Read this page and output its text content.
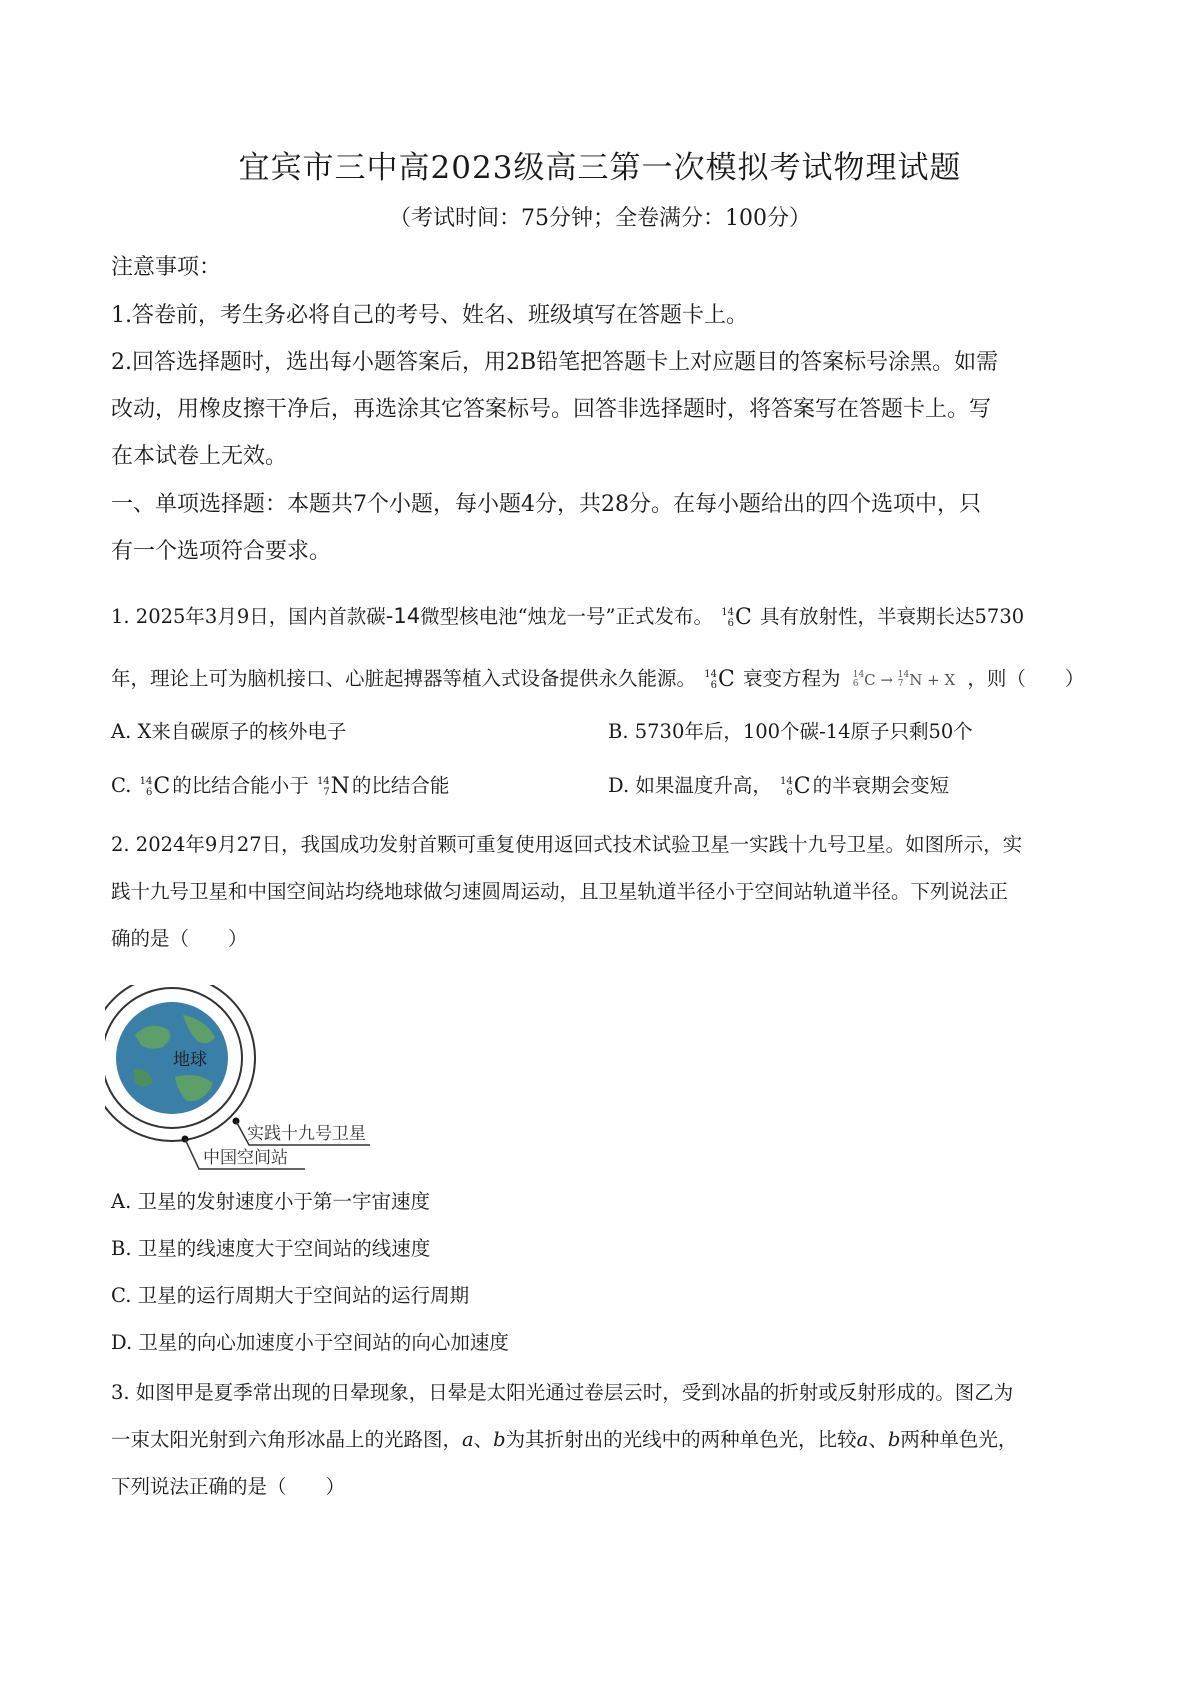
宜宾市三中高2023级高三第一次模拟考试物理试题
（考试时间：75分钟；全卷满分：100分）
注意事项：
1.答卷前，考生务必将自己的考号、姓名、班级填写在答题卡上。
2.回答选择题时，选出每小题答案后，用2B铅笔把答题卡上对应题目的答案标号涂黑。如需
改动，用橡皮擦干净后，再选涂其它答案标号。回答非选择题时，将答案写在答题卡上。写
在本试卷上无效。
一、单项选择题：本题共7个小题，每小题4分，共28分。在每小题给出的四个选项中，只
有一个选项符合要求。
1. 2025年3月9日，国内首款碳-14微型核电池“烛龙一号”正式发布。 14
6 C 具有放射性，半衰期长达5730
年，理论上可为脑机接口、心脏起搏器等植入式设备提供永久能源。 14
6 C 衰变方程为 14
6 C
→
14
7 N
+ X ，则（　　）
A. X来自碳原子的核外电子	B. 5730年后，100个碳-14原子只剩50个
C. 14
6 C 的比结合能小于 14
7 N 的比结合能	D. 如果温度升高， 14
6 C 的半衰期会变短
2. 2024年9月27日，我国成功发射首颗可重复使用返回式技术试验卫星一实践十九号卫星。如图所示，实
践十九号卫星和中国空间站均绕地球做匀速圆周运动，且卫星轨道半径小于空间站轨道半径。下列说法正
确的是（　　）
地球
实践十九号卫星
中国空间站
A. 卫星的发射速度小于第一宇宙速度
B. 卫星的线速度大于空间站的线速度
C. 卫星的运行周期大于空间站的运行周期
D. 卫星的向心加速度小于空间站的向心加速度
3. 如图甲是夏季常出现的日晕现象，日晕是太阳光通过卷层云时，受到冰晶的折射或反射形成的。图乙为
一束太阳光射到六角形冰晶上的光路图，a、b为其折射出的光线中的两种单色光，比较a、b两种单色光，
下列说法正确的是（　　）
